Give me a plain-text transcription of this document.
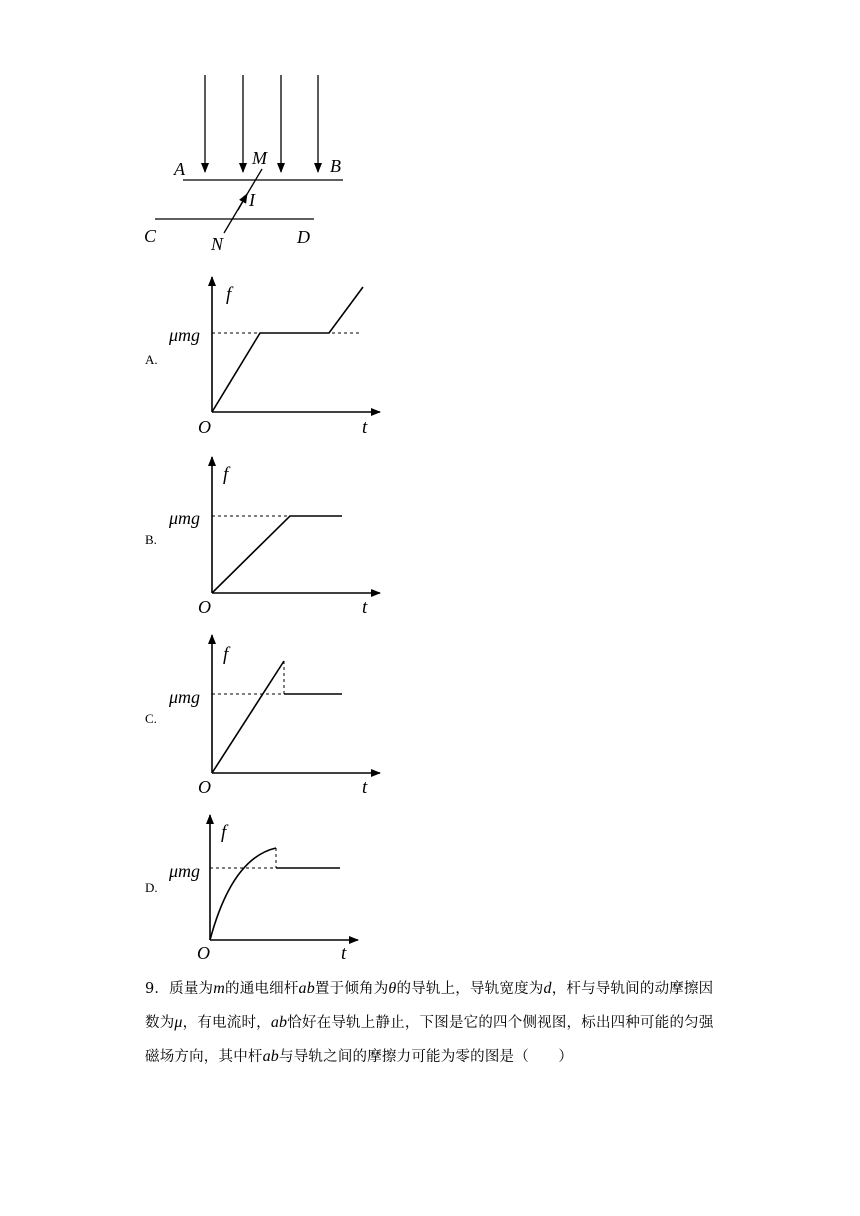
A
M	B
I
C	N	D
f
μmg
O	t
f
μmg
O	t
f
μmg
O	t
f
μmg
O	t
A.
B.
C.
D.
9．质量为m的通电细杆ab置于倾角为θ的导轨上，导轨宽度为d，杆与导轨间的动摩擦因数为μ，有电流时，ab恰好在导轨上静止，下图是它的四个侧视图，标出四种可能的匀强磁场方向，其中杆ab与导轨之间的摩擦力可能为零的图是（　　）
